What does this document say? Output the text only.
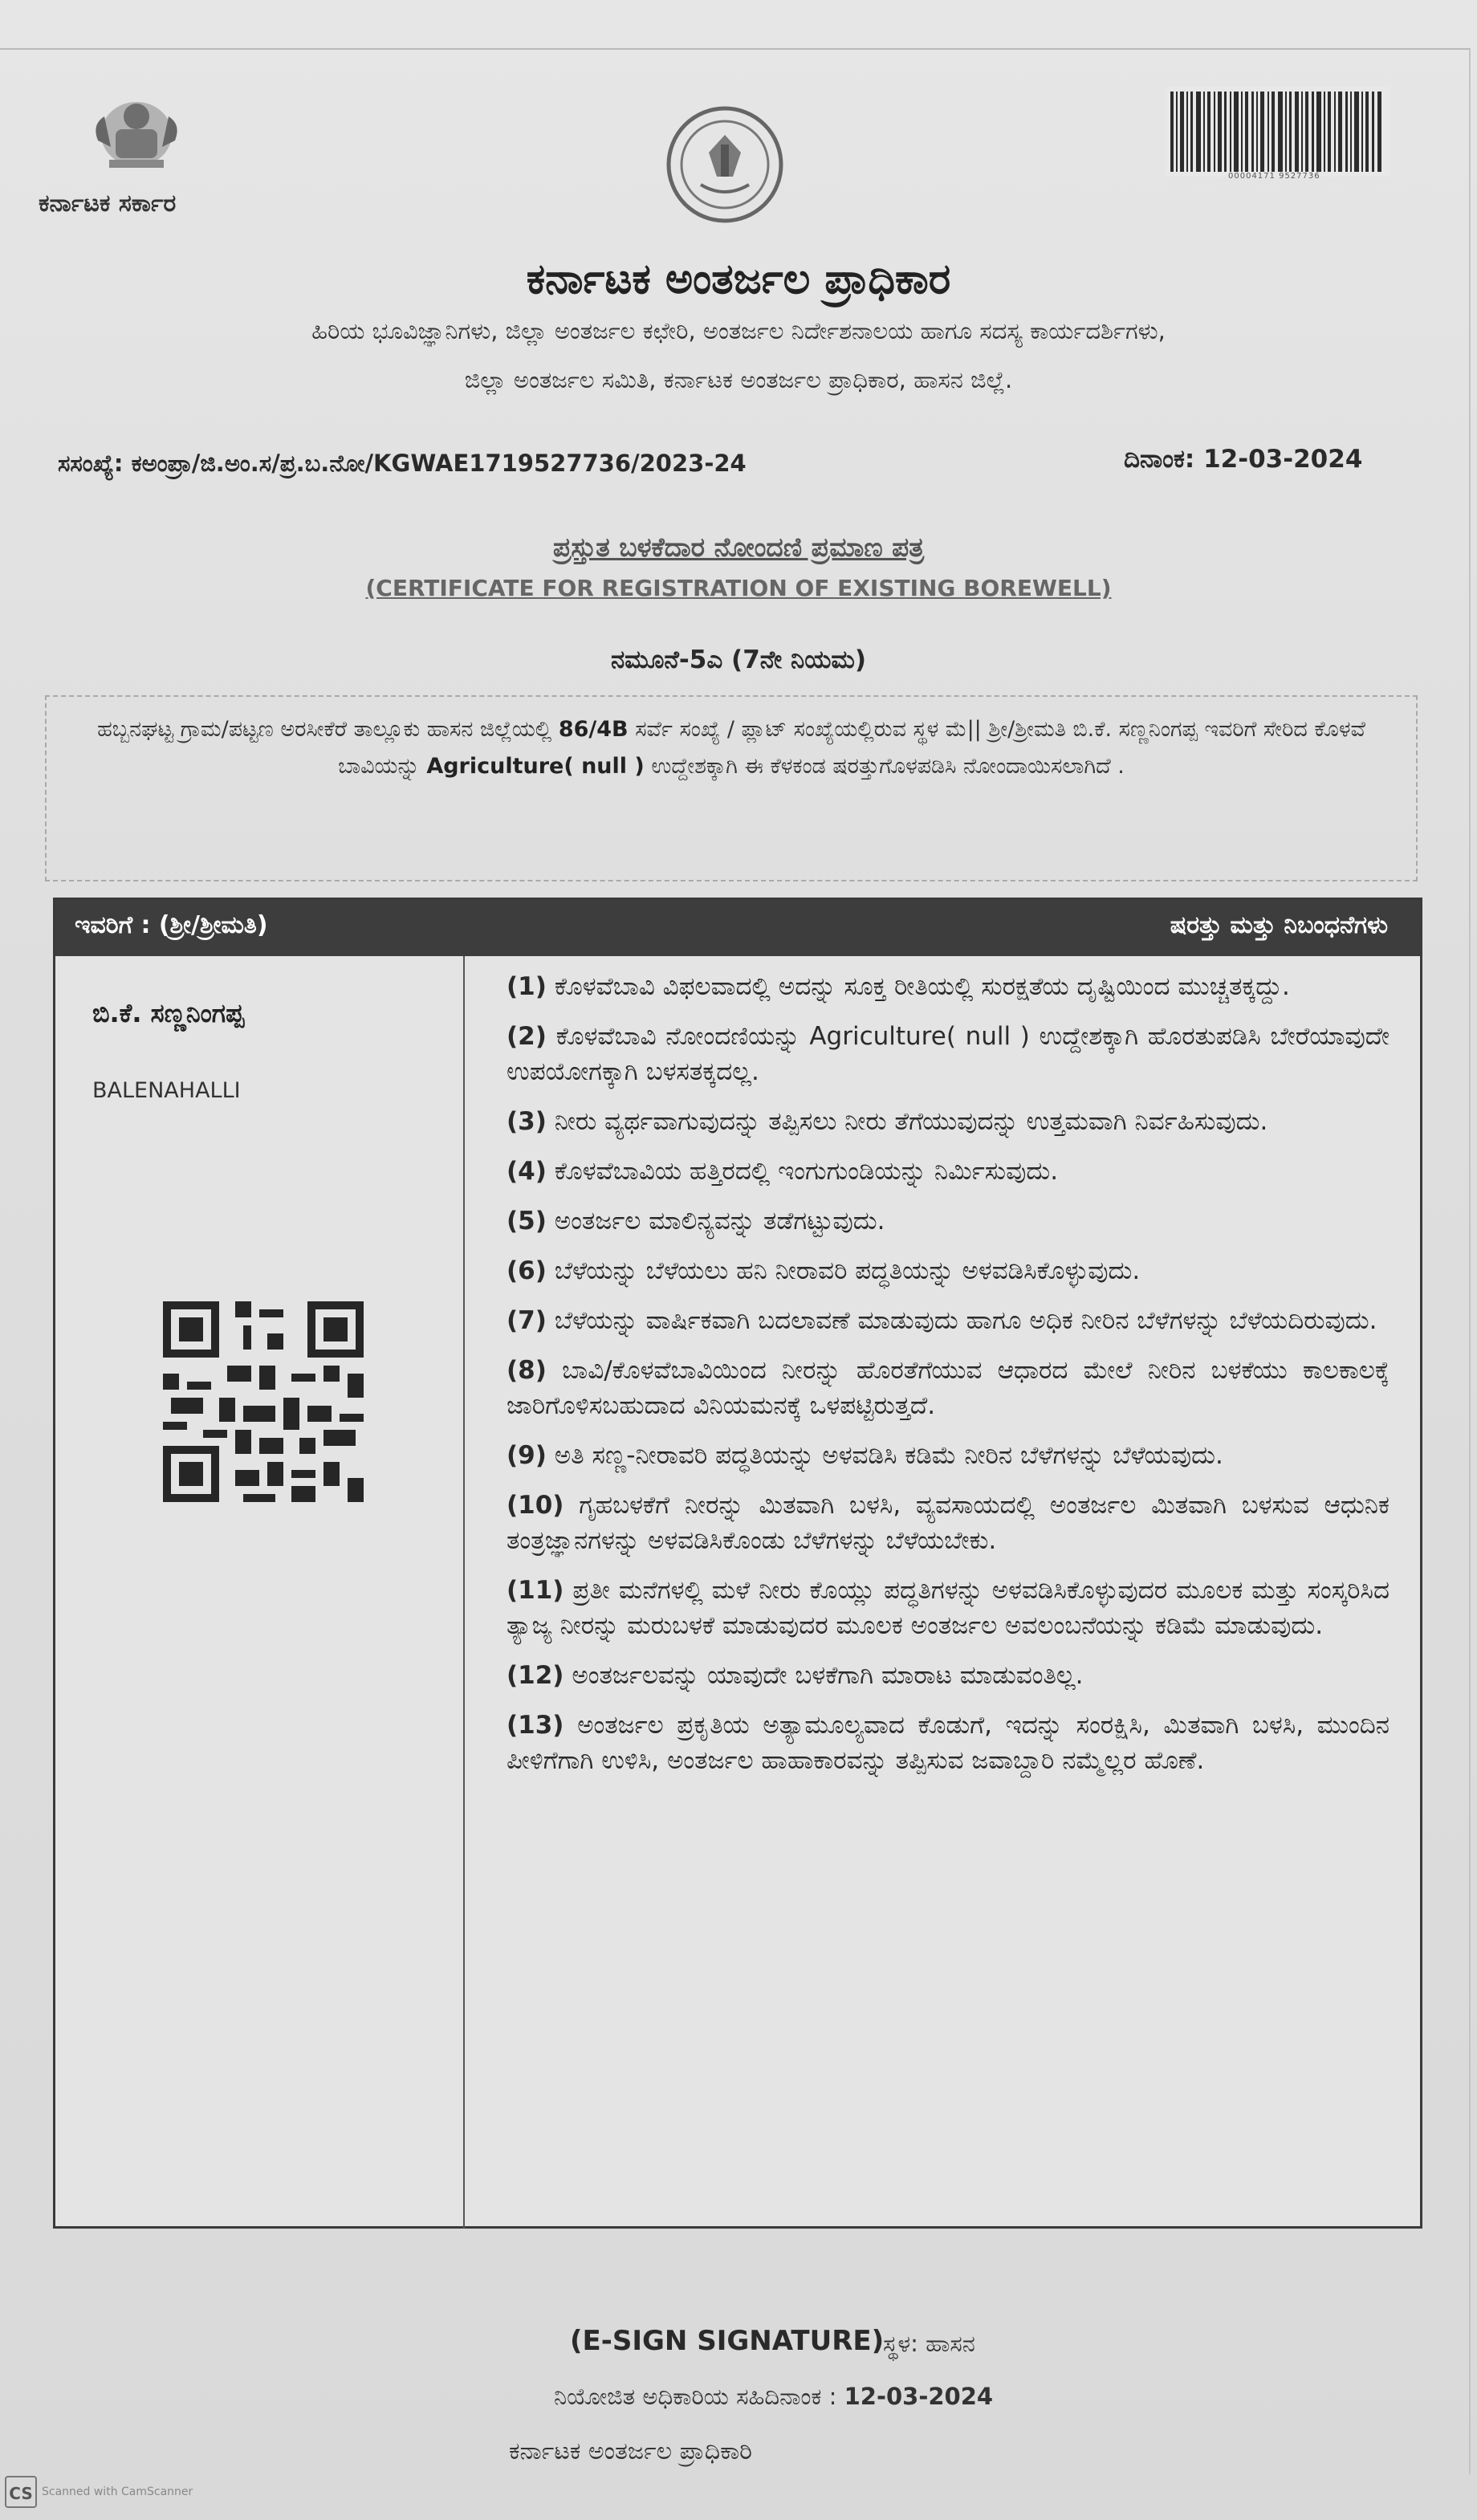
ಕರ್ನಾಟಕ ಸರ್ಕಾರ
00004171 9527736
ಕರ್ನಾಟಕ ಅಂತರ್ಜಲ ಪ್ರಾಧಿಕಾರ
ಹಿರಿಯ ಭೂವಿಜ್ಞಾನಿಗಳು, ಜಿಲ್ಲಾ ಅಂತರ್ಜಲ ಕಛೇರಿ, ಅಂತರ್ಜಲ ನಿರ್ದೇಶನಾಲಯ ಹಾಗೂ ಸದಸ್ಯ ಕಾರ್ಯದರ್ಶಿಗಳು,
ಜಿಲ್ಲಾ ಅಂತರ್ಜಲ ಸಮಿತಿ, ಕರ್ನಾಟಕ ಅಂತರ್ಜಲ ಪ್ರಾಧಿಕಾರ, ಹಾಸನ ಜಿಲ್ಲೆ.
ಸಸಂಖ್ಯೆ: ಕಅಂಪ್ರಾ/ಜಿ.ಅಂ.ಸ/ಪ್ರ.ಬ.ನೋ/KGWAE1719527736/2023-24	ದಿನಾಂಕ: 12-03-2024
ಪ್ರಸ್ತುತ ಬಳಕೆದಾರ ನೋಂದಣಿ ಪ್ರಮಾಣ ಪತ್ರ
(CERTIFICATE FOR REGISTRATION OF EXISTING BOREWELL)
ನಮೂನೆ-5ಎ (7ನೇ ನಿಯಮ)
ಹಬ್ಬನಘಟ್ಟ ಗ್ರಾಮ/ಪಟ್ಟಣ ಅರಸೀಕೆರೆ ತಾಲ್ಲೂಕು ಹಾಸನ ಜಿಲ್ಲೆಯಲ್ಲಿ 86/4B ಸರ್ವೆ ಸಂಖ್ಯೆ / ಪ್ಲಾಟ್ ಸಂಖ್ಯೆಯಲ್ಲಿರುವ ಸ್ಥಳ ಮೆ|| ಶ್ರೀ/ಶ್ರೀಮತಿ ಬಿ.ಕೆ. ಸಣ್ಣನಿಂಗಪ್ಪ ಇವರಿಗೆ ಸೇರಿದ ಕೊಳವೆ ಬಾವಿಯನ್ನು Agriculture( null ) ಉದ್ದೇಶಕ್ಕಾಗಿ ಈ ಕೆಳಕಂಡ ಷರತ್ತುಗೊಳಪಡಿಸಿ ನೋಂದಾಯಿಸಲಾಗಿದೆ .
ಇವರಿಗೆ : (ಶ್ರೀ/ಶ್ರೀಮತಿ)	ಷರತ್ತು ಮತ್ತು ನಿಬಂಧನೆಗಳು
ಬಿ.ಕೆ. ಸಣ್ಣನಿಂಗಪ್ಪ
BALENAHALLI
(1) ಕೊಳವೆಬಾವಿ ವಿಫಲವಾದಲ್ಲಿ ಅದನ್ನು ಸೂಕ್ತ ರೀತಿಯಲ್ಲಿ ಸುರಕ್ಷತೆಯ ದೃಷ್ಟಿಯಿಂದ ಮುಚ್ಚತಕ್ಕದ್ದು.
(2) ಕೊಳವೆಬಾವಿ ನೋಂದಣಿಯನ್ನು Agriculture( null ) ಉದ್ದೇಶಕ್ಕಾಗಿ ಹೊರತುಪಡಿಸಿ ಬೇರೆಯಾವುದೇ ಉಪಯೋಗಕ್ಕಾಗಿ ಬಳಸತಕ್ಕದಲ್ಲ.
(3) ನೀರು ವ್ಯರ್ಥವಾಗುವುದನ್ನು ತಪ್ಪಿಸಲು ನೀರು ತೆಗೆಯುವುದನ್ನು ಉತ್ತಮವಾಗಿ ನಿರ್ವಹಿಸುವುದು.
(4) ಕೊಳವೆಬಾವಿಯ ಹತ್ತಿರದಲ್ಲಿ ಇಂಗುಗುಂಡಿಯನ್ನು ನಿರ್ಮಿಸುವುದು.
(5) ಅಂತರ್ಜಲ ಮಾಲಿನ್ಯವನ್ನು ತಡೆಗಟ್ಟುವುದು.
(6) ಬೆಳೆಯನ್ನು ಬೆಳೆಯಲು ಹನಿ ನೀರಾವರಿ ಪದ್ಧತಿಯನ್ನು ಅಳವಡಿಸಿಕೊಳ್ಳುವುದು.
(7) ಬೆಳೆಯನ್ನು ವಾರ್ಷಿಕವಾಗಿ ಬದಲಾವಣೆ ಮಾಡುವುದು ಹಾಗೂ ಅಧಿಕ ನೀರಿನ ಬೆಳೆಗಳನ್ನು ಬೆಳೆಯದಿರುವುದು.
(8) ಬಾವಿ/ಕೊಳವೆಬಾವಿಯಿಂದ ನೀರನ್ನು ಹೊರತೆಗೆಯುವ ಆಧಾರದ ಮೇಲೆ ನೀರಿನ ಬಳಕೆಯು ಕಾಲಕಾಲಕ್ಕೆ ಜಾರಿಗೊಳಿಸಬಹುದಾದ ವಿನಿಯಮನಕ್ಕೆ ಒಳಪಟ್ಟಿರುತ್ತದೆ.
(9) ಅತಿ ಸಣ್ಣ-ನೀರಾವರಿ ಪದ್ಧತಿಯನ್ನು ಅಳವಡಿಸಿ ಕಡಿಮೆ ನೀರಿನ ಬೆಳೆಗಳನ್ನು ಬೆಳೆಯವುದು.
(10) ಗೃಹಬಳಕೆಗೆ ನೀರನ್ನು ಮಿತವಾಗಿ ಬಳಸಿ, ವ್ಯವಸಾಯದಲ್ಲಿ ಅಂತರ್ಜಲ ಮಿತವಾಗಿ ಬಳಸುವ ಆಧುನಿಕ ತಂತ್ರಜ್ಞಾನಗಳನ್ನು ಅಳವಡಿಸಿಕೊಂಡು ಬೆಳೆಗಳನ್ನು ಬೆಳೆಯಬೇಕು.
(11) ಪ್ರತೀ ಮನೆಗಳಲ್ಲಿ ಮಳೆ ನೀರು ಕೊಯ್ಲು ಪದ್ಧತಿಗಳನ್ನು ಅಳವಡಿಸಿಕೊಳ್ಳುವುದರ ಮೂಲಕ ಮತ್ತು ಸಂಸ್ಕರಿಸಿದ ತ್ಯಾಜ್ಯ ನೀರನ್ನು ಮರುಬಳಕೆ ಮಾಡುವುದರ ಮೂಲಕ ಅಂತರ್ಜಲ ಅವಲಂಬನೆಯನ್ನು ಕಡಿಮೆ ಮಾಡುವುದು.
(12) ಅಂತರ್ಜಲವನ್ನು ಯಾವುದೇ ಬಳಕೆಗಾಗಿ ಮಾರಾಟ ಮಾಡುವಂತಿಲ್ಲ.
(13) ಅಂತರ್ಜಲ ಪ್ರಕೃತಿಯ ಅತ್ಯಾಮೂಲ್ಯವಾದ ಕೊಡುಗೆ, ಇದನ್ನು ಸಂರಕ್ಷಿಸಿ, ಮಿತವಾಗಿ ಬಳಸಿ, ಮುಂದಿನ ಪೀಳಿಗೆಗಾಗಿ ಉಳಿಸಿ, ಅಂತರ್ಜಲ ಹಾಹಾಕಾರವನ್ನು ತಪ್ಪಿಸುವ ಜವಾಬ್ದಾರಿ ನಮ್ಮೆಲ್ಲರ ಹೊಣೆ.
(E-SIGN SIGNATURE)
ಸ್ಥಳ: ಹಾಸನ
ನಿಯೋಜಿತ ಅಧಿಕಾರಿಯ ಸಹಿದಿನಾಂಕ : 12-03-2024
ಕರ್ನಾಟಕ ಅಂತರ್ಜಲ ಪ್ರಾಧಿಕಾರಿ
CS Scanned with CamScanner
